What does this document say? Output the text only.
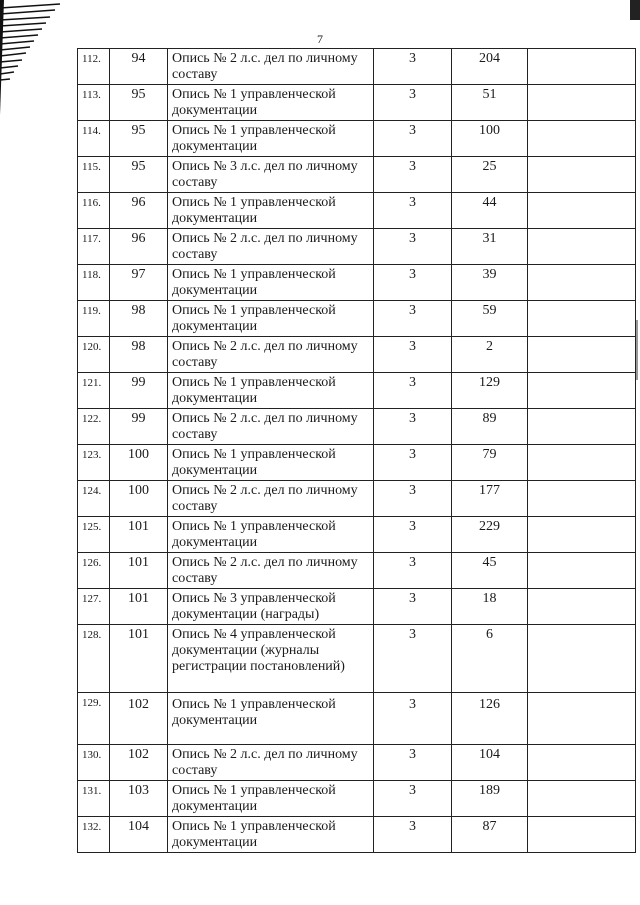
7
112.	94	Опись № 2 л.с. дел по личному составу	3	204	
113.	95	Опись № 1 управленческой документации	3	51	
114.	95	Опись № 1 управленческой документации	3	100	
115.	95	Опись № 3 л.с. дел по личному составу	3	25	
116.	96	Опись № 1 управленческой документации	3	44	
117.	96	Опись № 2 л.с. дел по личному составу	3	31	
118.	97	Опись № 1 управленческой документации	3	39	
119.	98	Опись № 1 управленческой документации	3	59	
120.	98	Опись № 2 л.с. дел по личному составу	3	2	
121.	99	Опись № 1 управленческой документации	3	129	
122.	99	Опись № 2 л.с. дел по личному составу	3	89	
123.	100	Опись № 1 управленческой документации	3	79	
124.	100	Опись № 2 л.с. дел по личному составу	3	177	
125.	101	Опись № 1 управленческой документации	3	229	
126.	101	Опись № 2 л.с. дел по личному составу	3	45	
127.	101	Опись № 3 управленческой документации (награды)	3	18	
128.	101	Опись № 4 управленческой документации (журналы регистрации постановлений)	3	6	
129.	102	Опись № 1 управленческой документации	3	126	
130.	102	Опись № 2 л.с. дел по личному составу	3	104	
131.	103	Опись № 1 управленческой документации	3	189	
132.	104	Опись № 1 управленческой документации	3	87	
